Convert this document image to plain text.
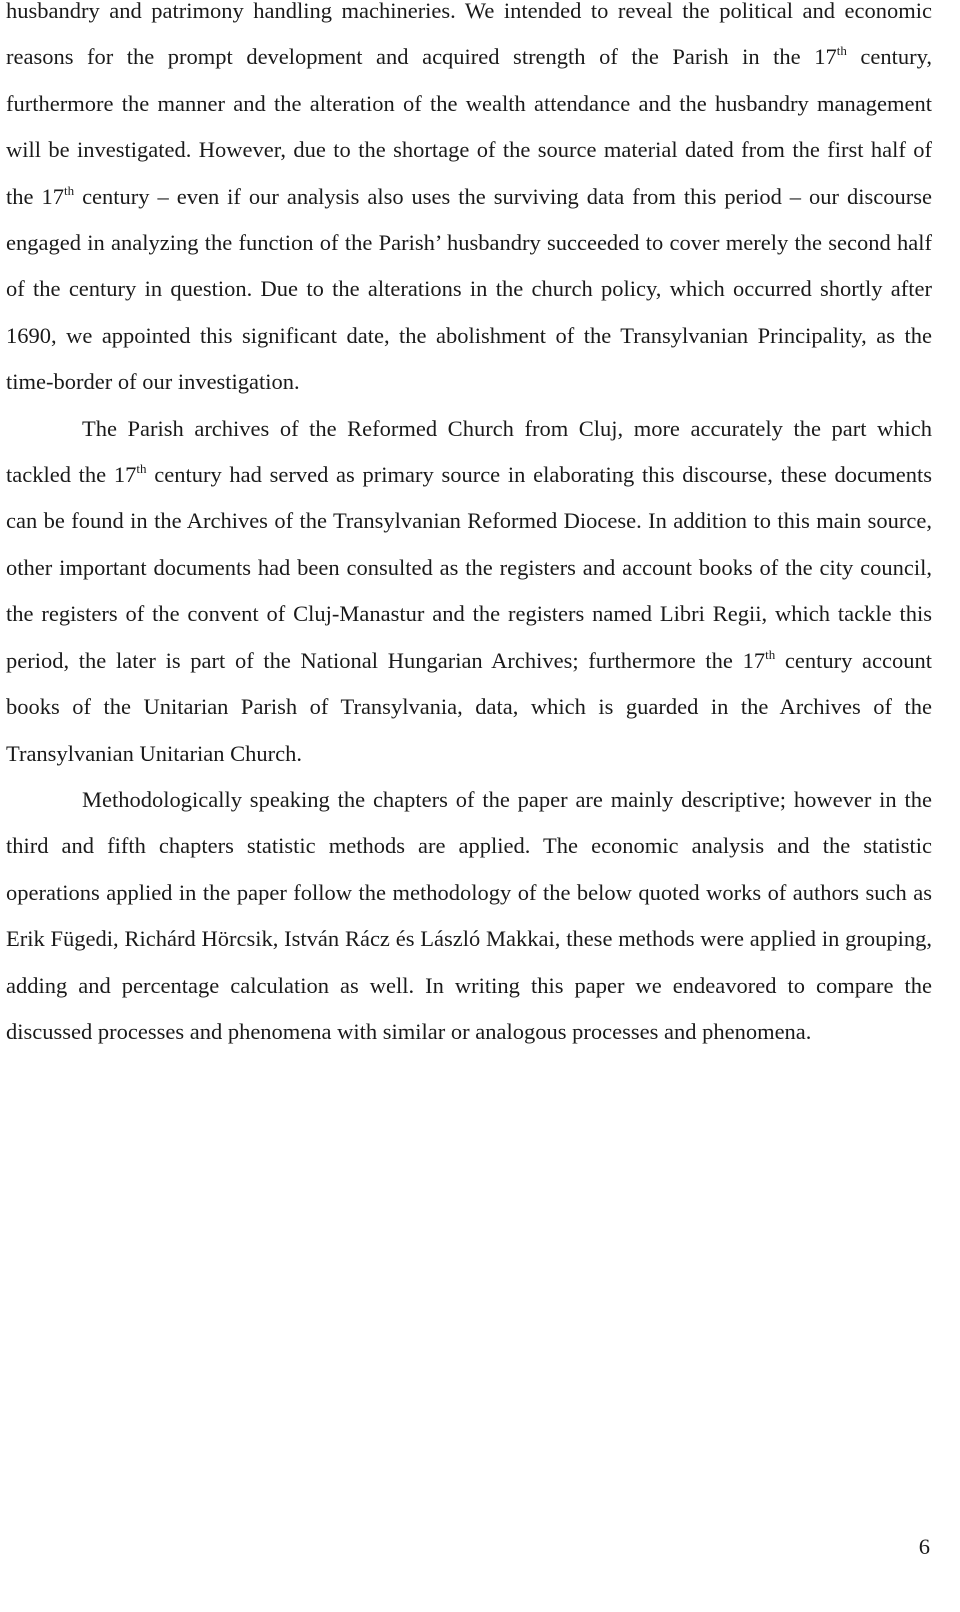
husbandry and patrimony handling machineries. We intended to reveal the political and economic reasons for the prompt development and acquired strength of the Parish in the 17th century, furthermore the manner and the alteration of the wealth attendance and the husbandry management will be investigated. However, due to the shortage of the source material dated from the first half of the 17th century – even if our analysis also uses the surviving data from this period – our discourse engaged in analyzing the function of the Parish’ husbandry succeeded to cover merely the second half of the century in question. Due to the alterations in the church policy, which occurred shortly after 1690, we appointed this significant date, the abolishment of the Transylvanian Principality, as the time-border of our investigation.

The Parish archives of the Reformed Church from Cluj, more accurately the part which tackled the 17th century had served as primary source in elaborating this discourse, these documents can be found in the Archives of the Transylvanian Reformed Diocese. In addition to this main source, other important documents had been consulted as the registers and account books of the city council, the registers of the convent of Cluj-Manastur and the registers named Libri Regii, which tackle this period, the later is part of the National Hungarian Archives; furthermore the 17th century account books of the Unitarian Parish of Transylvania, data, which is guarded in the Archives of the Transylvanian Unitarian Church.

Methodologically speaking the chapters of the paper are mainly descriptive; however in the third and fifth chapters statistic methods are applied. The economic analysis and the statistic operations applied in the paper follow the methodology of the below quoted works of authors such as Erik Fügedi, Richárd Hörcsik, István Rácz és László Makkai, these methods were applied in grouping, adding and percentage calculation as well. In writing this paper we endeavored to compare the discussed processes and phenomena with similar or analogous processes and phenomena.

6
